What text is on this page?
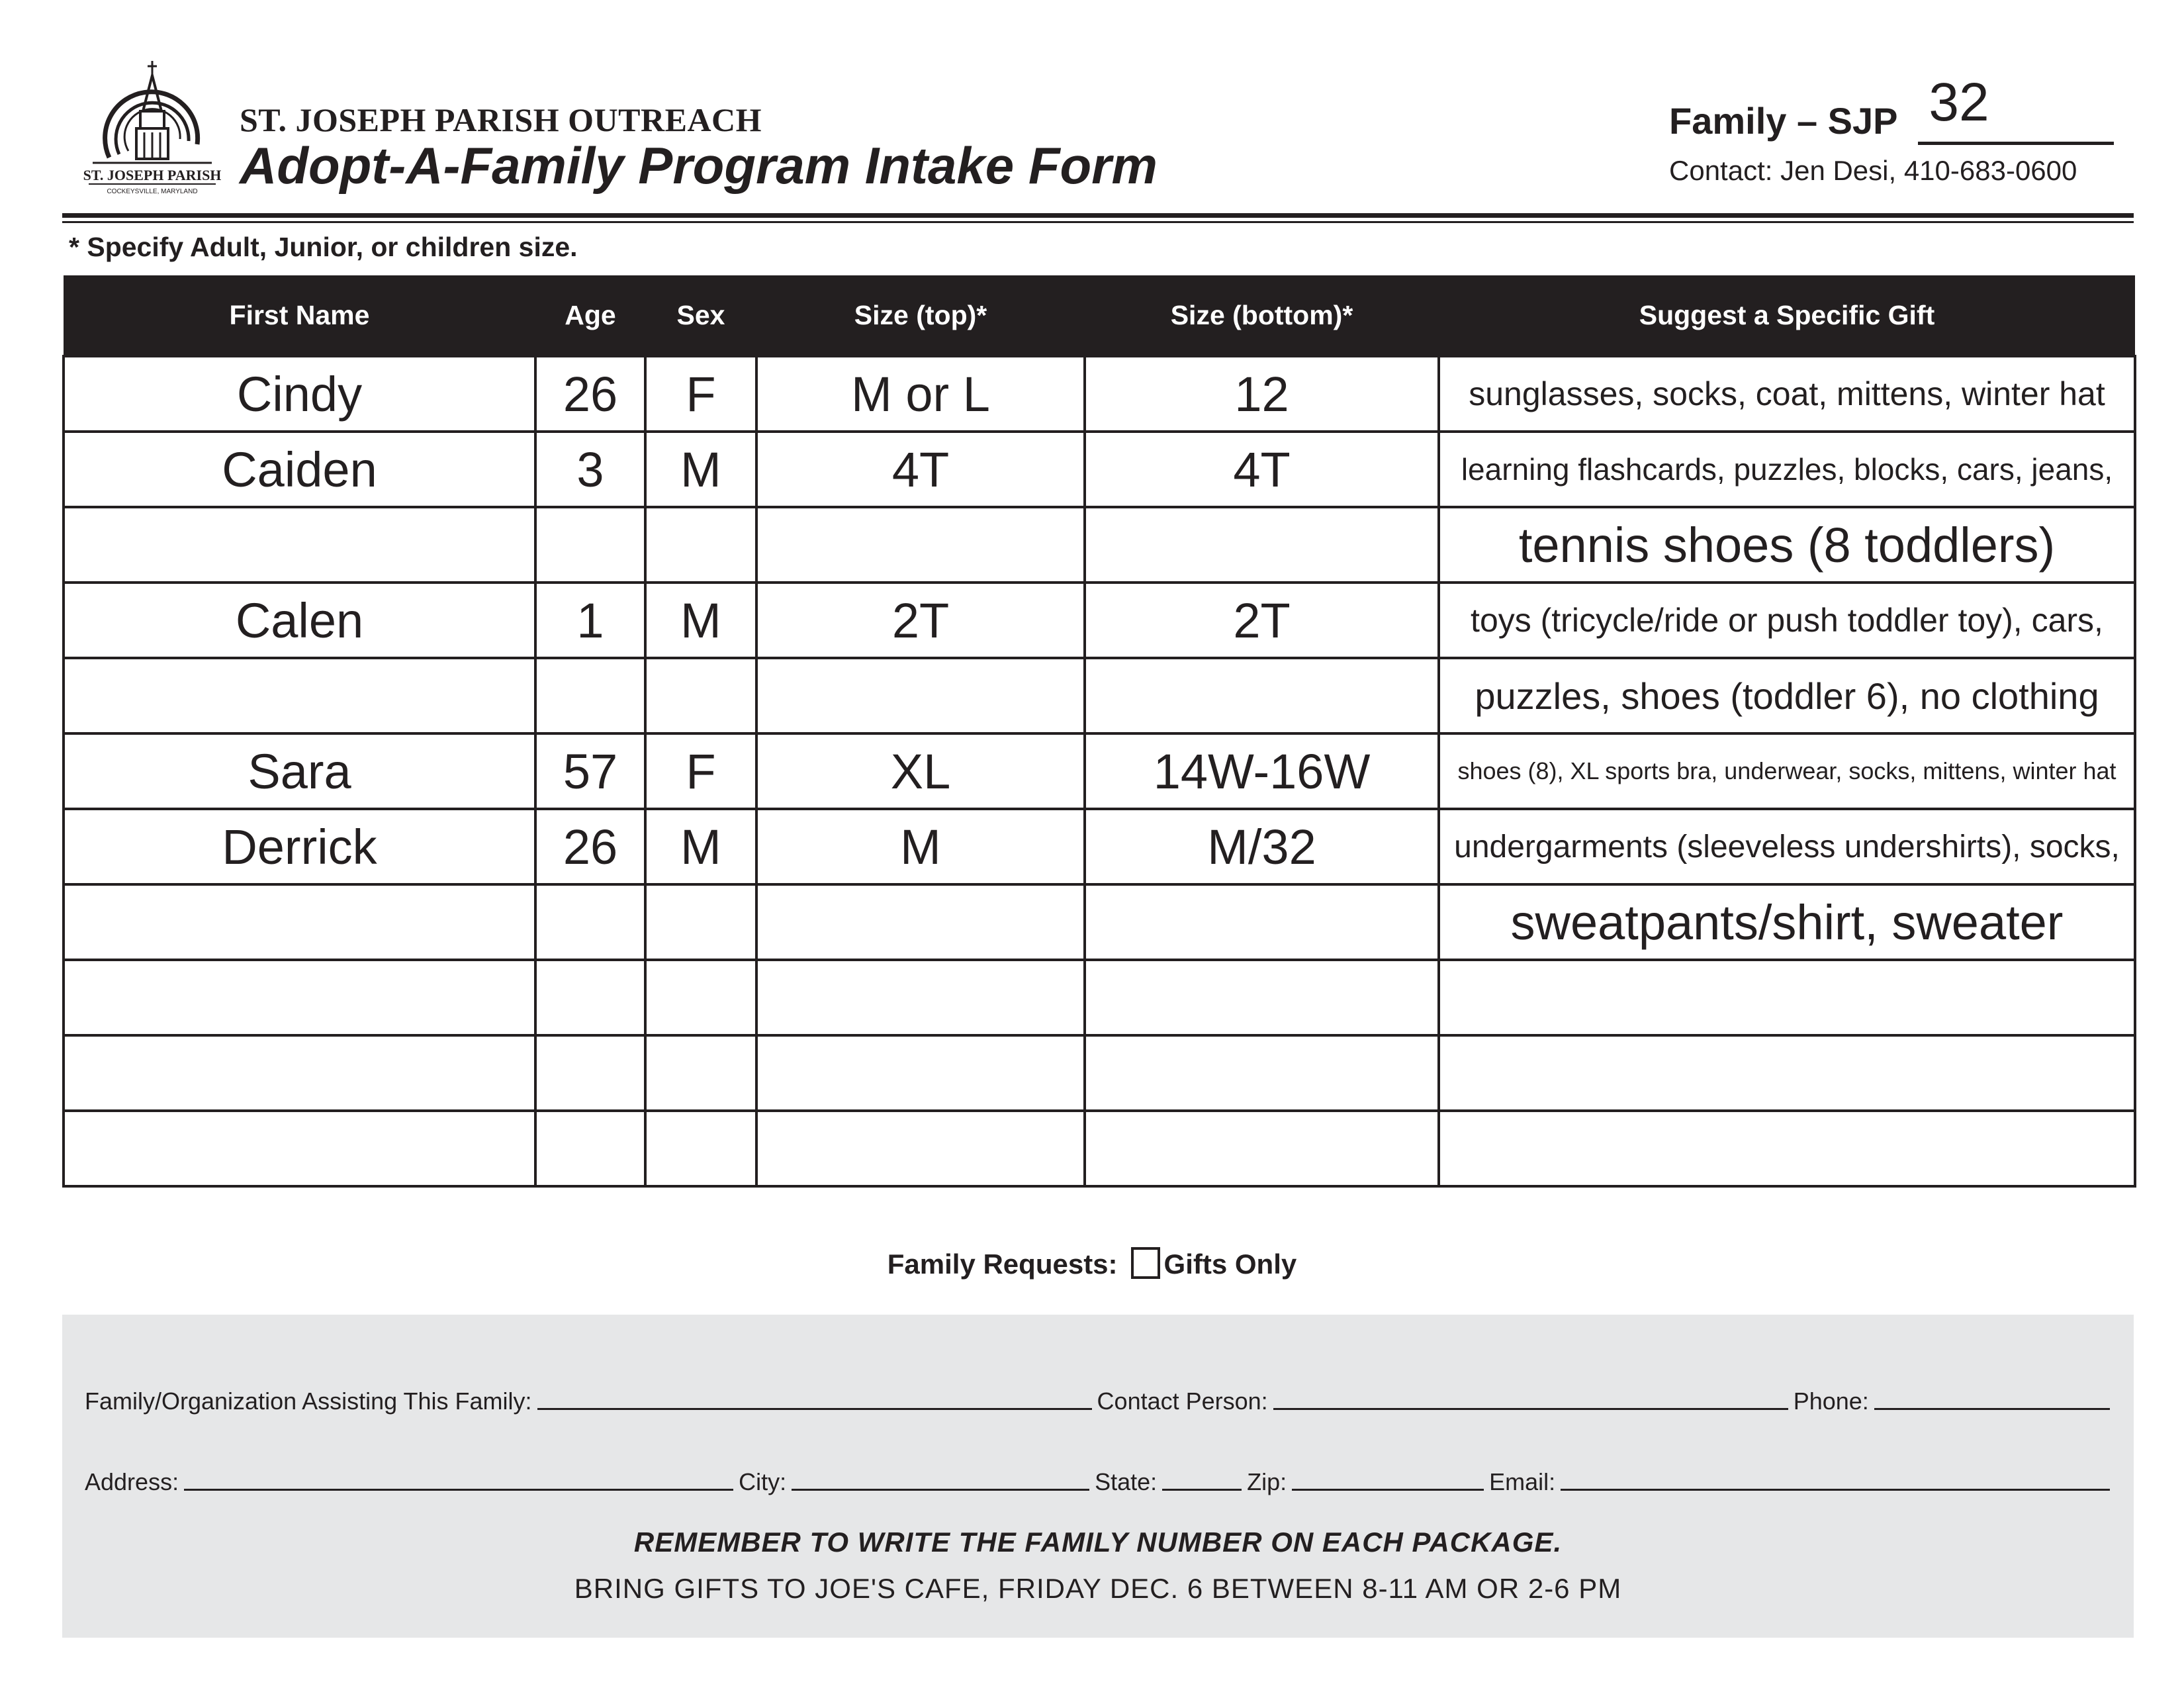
ST. JOSEPH PARISH
COCKEYSVILLE, MARYLAND
ST. JOSEPH PARISH OUTREACH
Adopt-A-Family Program Intake Form
Family – SJP 32
Contact: Jen Desi, 410-683-0600
* Specify Adult, Junior, or children size.
First Name	Age	Sex	Size (top)*	Size (bottom)*	Suggest a Specific Gift
Cindy	26	F	M or L	12	sunglasses, socks, coat, mittens, winter hat
Caiden	3	M	4T	4T	learning flashcards, puzzles, blocks, cars, jeans,
					tennis shoes (8 toddlers)
Calen	1	M	2T	2T	toys (tricycle/ride or push toddler toy), cars,
					puzzles, shoes (toddler 6), no clothing
Sara	57	F	XL	14W-16W	shoes (8), XL sports bra, underwear, socks, mittens, winter hat
Derrick	26	M	M	M/32	undergarments (sleeveless undershirts), socks,
					sweatpants/shirt, sweater

Family Requests: Gifts Only
Family/Organization Assisting This Family:	Contact Person:	Phone:
Address:	City:	State:	Zip:	Email:
REMEMBER TO WRITE THE FAMILY NUMBER ON EACH PACKAGE.
BRING GIFTS TO JOE'S CAFE, FRIDAY DEC. 6 BETWEEN 8-11 AM OR 2-6 PM
